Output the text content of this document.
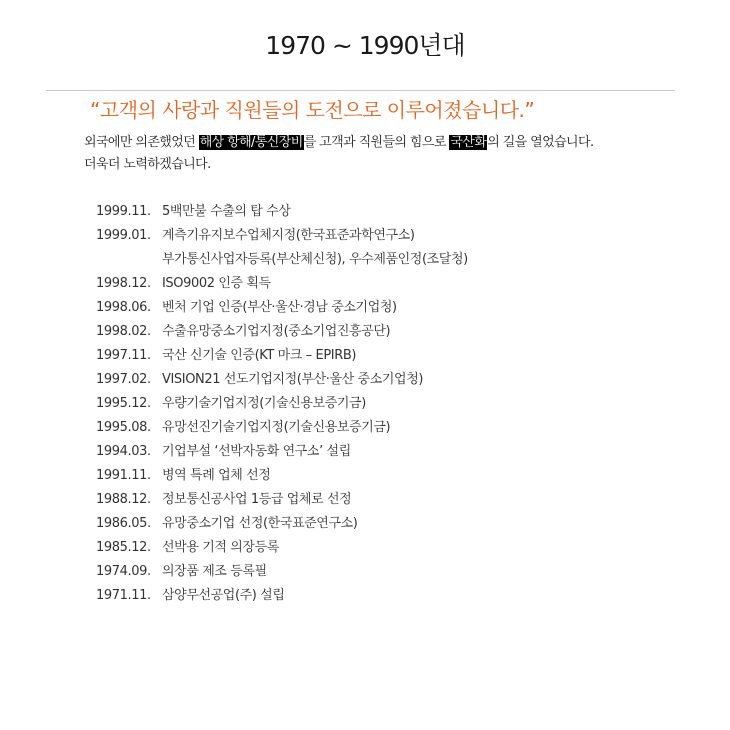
1970 ~ 1990년대
“고객의 사랑과 직원들의 도전으로 이루어졌습니다.”
외국에만 의존했었던 해상 항해/통신장비를 고객과 직원들의 힘으로 국산화의 길을 열었습니다.
더욱더 노력하겠습니다.
1999.11. 5백만불 수출의 탑 수상
1999.01. 계측기유지보수업체지정(한국표준과학연구소)
부가통신사업자등록(부산체신청), 우수제품인정(조달청)
1998.12. ISO9002 인증 획득
1998.06. 벤처 기업 인증(부산·울산·경남 중소기업청)
1998.02. 수출유망중소기업지정(중소기업진흥공단)
1997.11. 국산 신기술 인증(KT 마크 – EPIRB)
1997.02. VISION21 선도기업지정(부산·울산 중소기업청)
1995.12. 우량기술기업지정(기술신용보증기금)
1995.08. 유망선진기술기업지정(기술신용보증기금)
1994.03. 기업부설 ‘선박자동화 연구소’ 설립
1991.11. 병역 특례 업체 선정
1988.12. 정보통신공사업 1등급 업체로 선정
1986.05. 유망중소기업 선정(한국표준연구소)
1985.12. 선박용 기적 의장등록
1974.09. 의장품 제조 등록필
1971.11. 삼양무선공업(주) 설립
